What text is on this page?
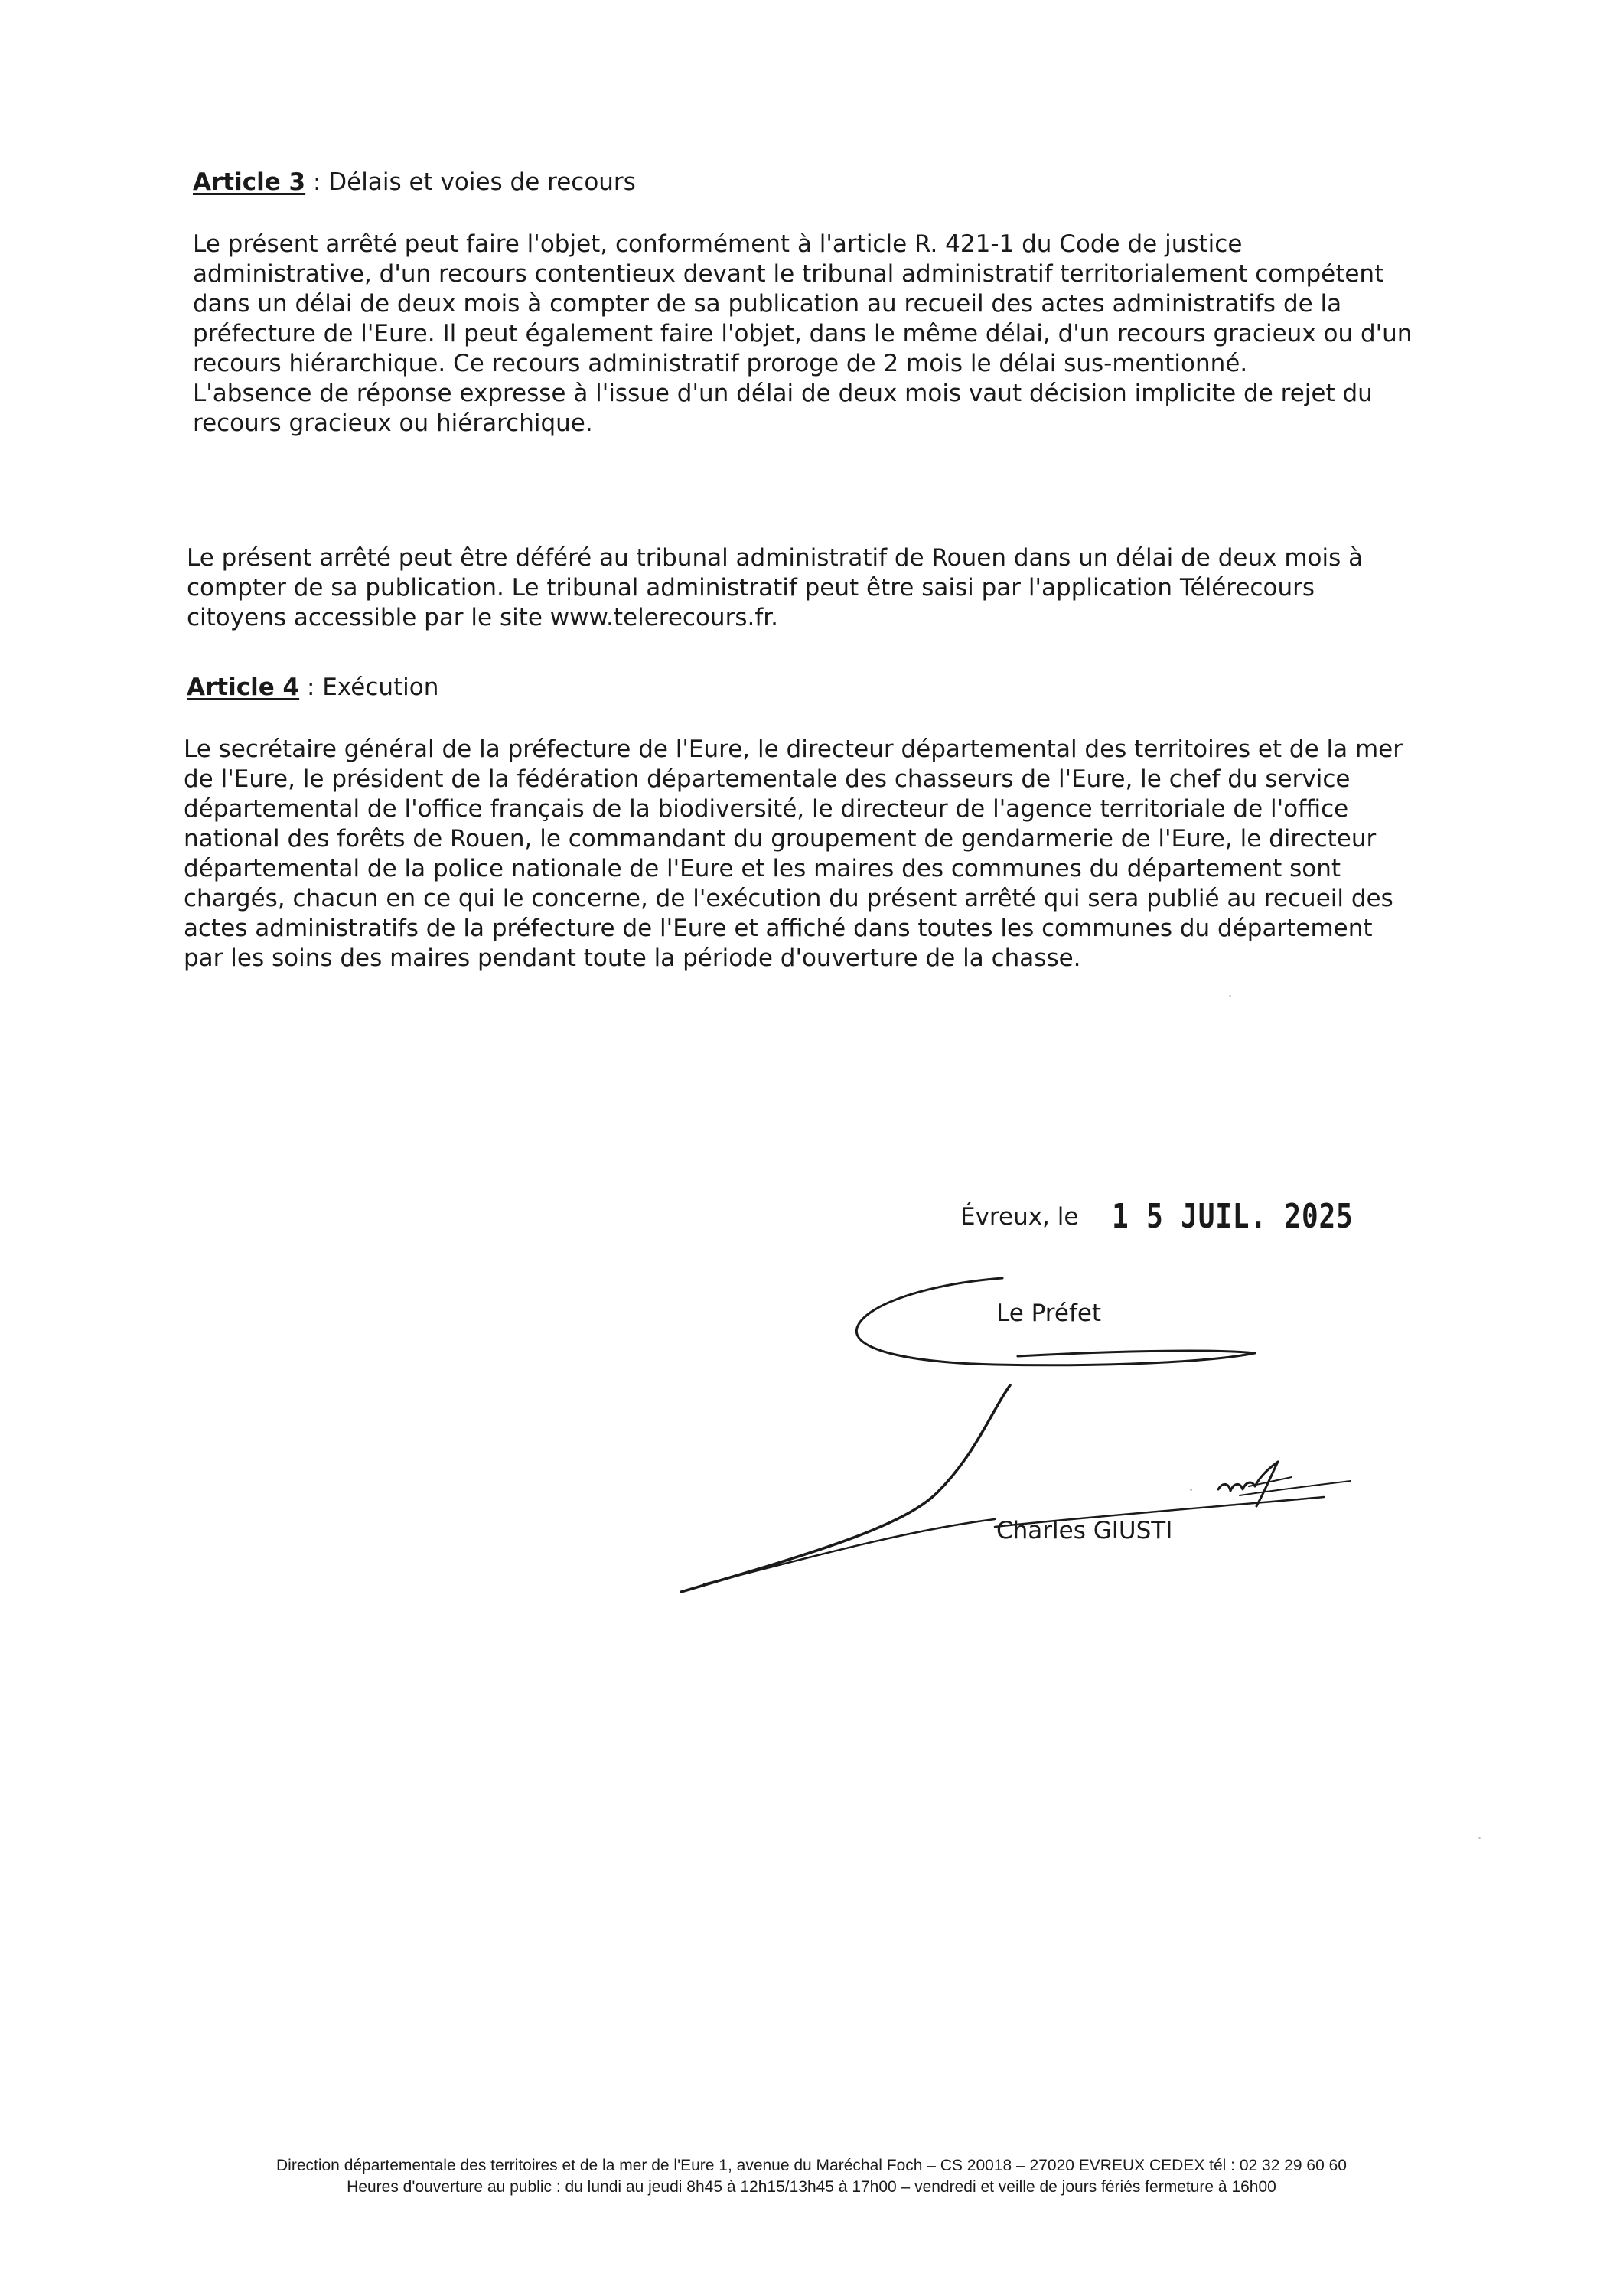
Article 3 : Délais et voies de recours
Le présent arrêté peut faire l'objet, conformément à l'article R. 421-1 du Code de justice
administrative, d'un recours contentieux devant le tribunal administratif territorialement compétent
dans un délai de deux mois à compter de sa publication au recueil des actes administratifs de la
préfecture de l'Eure. Il peut également faire l'objet, dans le même délai, d'un recours gracieux ou d'un
recours hiérarchique. Ce recours administratif proroge de 2 mois le délai sus-mentionné.
L'absence de réponse expresse à l'issue d'un délai de deux mois vaut décision implicite de rejet du
recours gracieux ou hiérarchique.
Le présent arrêté peut être déféré au tribunal administratif de Rouen dans un délai de deux mois à
compter de sa publication. Le tribunal administratif peut être saisi par l'application Télérecours
citoyens accessible par le site www.telerecours.fr.
Article 4 : Exécution
Le secrétaire général de la préfecture de l'Eure, le directeur départemental des territoires et de la mer
de l'Eure, le président de la fédération départementale des chasseurs de l'Eure, le chef du service
départemental de l'office français de la biodiversité, le directeur de l'agence territoriale de l'office
national des forêts de Rouen, le commandant du groupement de gendarmerie de l'Eure, le directeur
départemental de la police nationale de l'Eure et les maires des communes du département sont
chargés, chacun en ce qui le concerne, de l'exécution du présent arrêté qui sera publié au recueil des
actes administratifs de la préfecture de l'Eure et affiché dans toutes les communes du département
par les soins des maires pendant toute la période d'ouverture de la chasse.
Évreux, le 1 5 JUIL. 2025
Le Préfet
Charles GIUSTI
Direction départementale des territoires et de la mer de l'Eure 1, avenue du Maréchal Foch – CS 20018 – 27020 EVREUX CEDEX tél : 02 32 29 60 60
Heures d'ouverture au public : du lundi au jeudi 8h45 à 12h15/13h45 à 17h00 – vendredi et veille de jours fériés fermeture à 16h00
